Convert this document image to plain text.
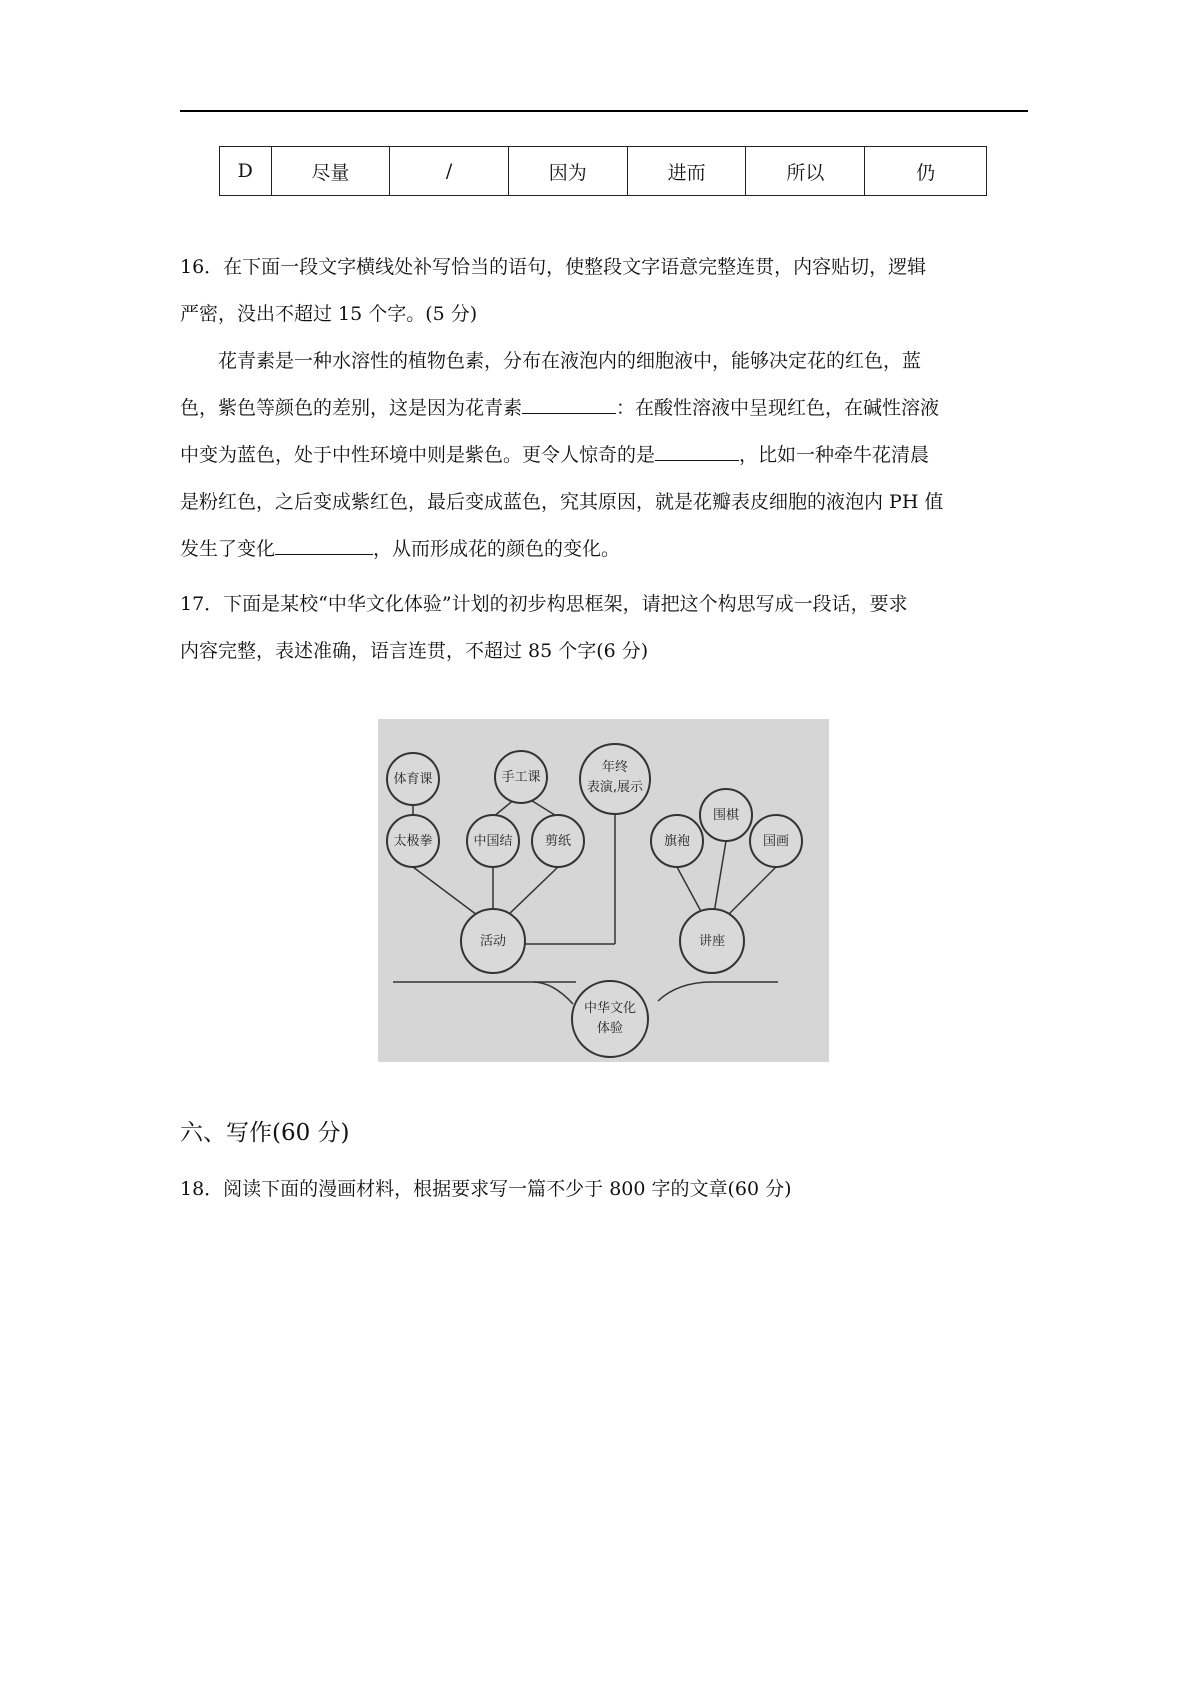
D	尽量	/	因为	进而	所以	仍

16．在下面一段文字横线处补写恰当的语句，使整段文字语意完整连贯，内容贴切，逻辑

严密，没出不超过 15 个字。(5 分)

花青素是一种水溶性的植物色素，分布在液泡内的细胞液中，能够决定花的红色，蓝

色，紫色等颜色的差别，这是因为花青素	：在酸性溶液中呈现红色，在碱性溶液

中变为蓝色，处于中性环境中则是紫色。更令人惊奇的是	，比如一种牵牛花清晨

是粉红色，之后变成紫红色，最后变成蓝色，究其原因，就是花瓣表皮细胞的液泡内 PH 值

发生了变化	，从而形成花的颜色的变化。

17．下面是某校“中华文化体验”计划的初步构思框架，请把这个构思写成一段话，要求

内容完整，表述准确，语言连贯，不超过 85 个字(6 分)

体育课	手工课
年终
表演,展示
太极拳	中国结 剪纸
围棋
旗袍	国画
活动	讲座
中华文化
体验
六、写作(60 分)
18．阅读下面的漫画材料，根据要求写一篇不少于 800 字的文章(60 分)
